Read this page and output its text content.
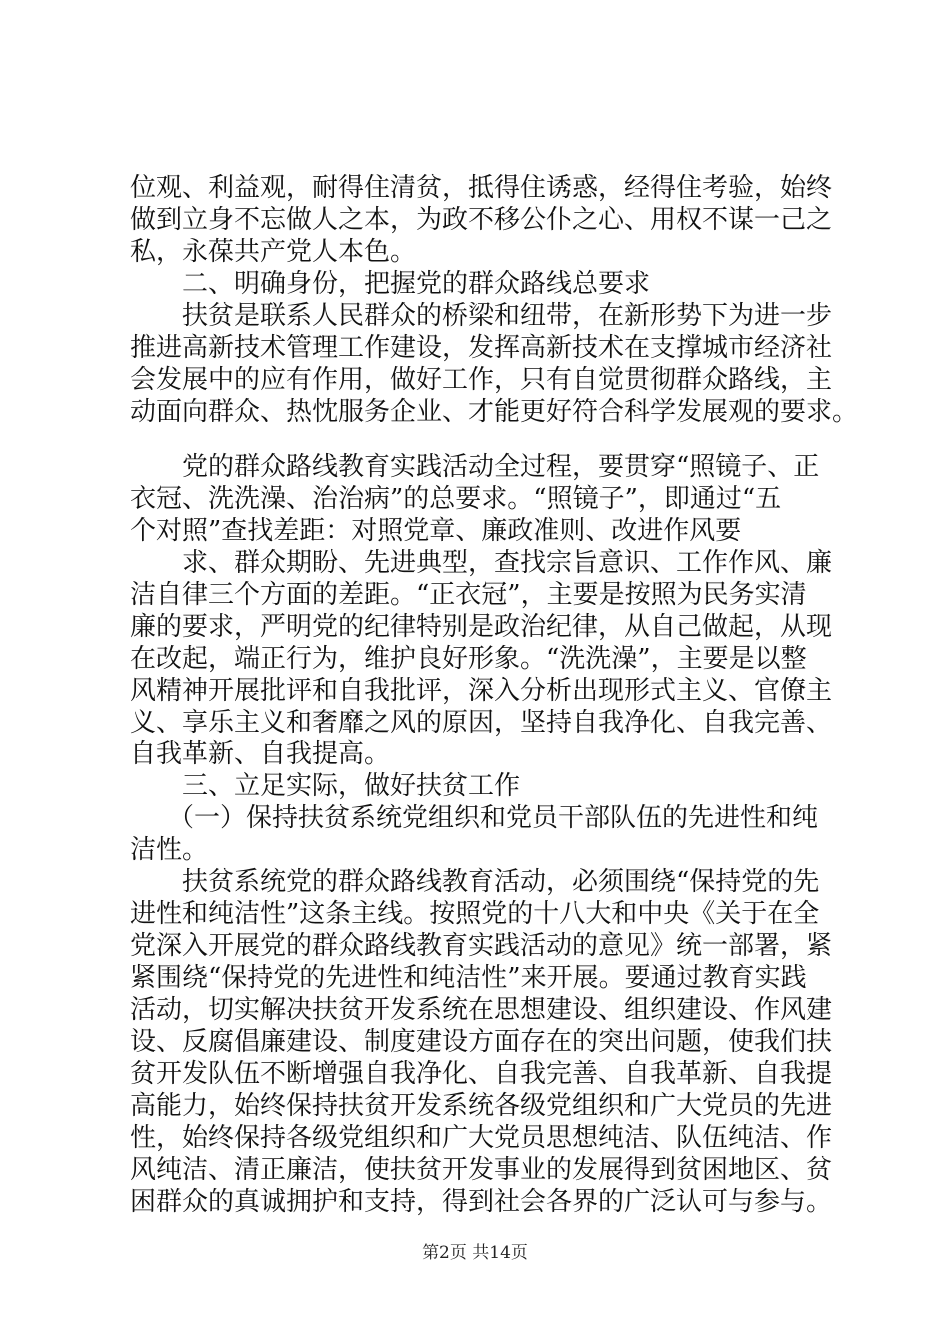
位观、利益观，耐得住清贫，抵得住诱惑，经得住考验，始终
做到立身不忘做人之本，为政不移公仆之心、用权不谋一己之
私，永葆共产党人本色。
二、明确身份，把握党的群众路线总要求
扶贫是联系人民群众的桥梁和纽带，在新形势下为进一步
推进高新技术管理工作建设，发挥高新技术在支撑城市经济社
会发展中的应有作用，做好工作，只有自觉贯彻群众路线，主
动面向群众、热忱服务企业、才能更好符合科学发展观的要求。
党的群众路线教育实践活动全过程，要贯穿“照镜子、正
衣冠、洗洗澡、治治病”的总要求。“照镜子”，即通过“五
个对照”查找差距：对照党章、廉政准则、改进作风要
求、群众期盼、先进典型，查找宗旨意识、工作作风、廉
洁自律三个方面的差距。“正衣冠”，主要是按照为民务实清
廉的要求，严明党的纪律特别是政治纪律，从自己做起，从现
在改起，端正行为，维护良好形象。“洗洗澡”，主要是以整
风精神开展批评和自我批评，深入分析出现形式主义、官僚主
义、享乐主义和奢靡之风的原因，坚持自我净化、自我完善、
自我革新、自我提高。
三、立足实际，做好扶贫工作
（一）保持扶贫系统党组织和党员干部队伍的先进性和纯
洁性。
扶贫系统党的群众路线教育活动，必须围绕“保持党的先
进性和纯洁性”这条主线。按照党的十八大和中央《关于在全
党深入开展党的群众路线教育实践活动的意见》统一部署，紧
紧围绕“保持党的先进性和纯洁性”来开展。要通过教育实践
活动，切实解决扶贫开发系统在思想建设、组织建设、作风建
设、反腐倡廉建设、制度建设方面存在的突出问题，使我们扶
贫开发队伍不断增强自我净化、自我完善、自我革新、自我提
高能力，始终保持扶贫开发系统各级党组织和广大党员的先进
性，始终保持各级党组织和广大党员思想纯洁、队伍纯洁、作
风纯洁、清正廉洁，使扶贫开发事业的发展得到贫困地区、贫
困群众的真诚拥护和支持，得到社会各界的广泛认可与参与。
第2页 共14页
